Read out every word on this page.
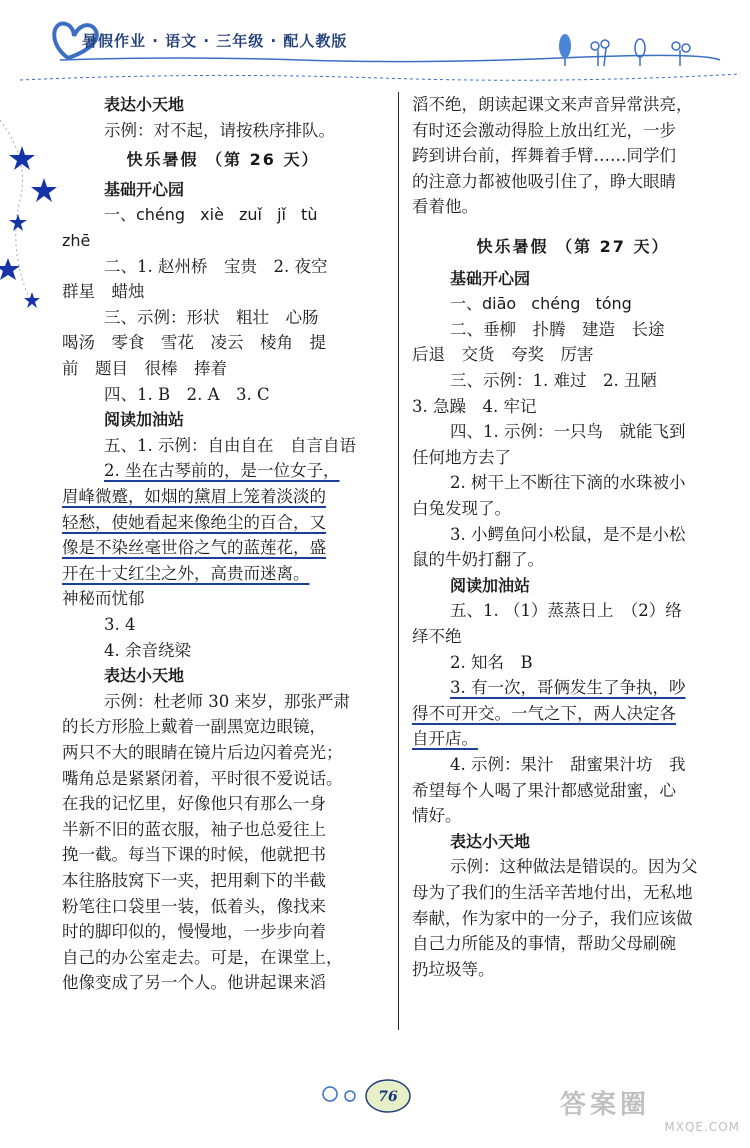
暑假作业 · 语文 · 三年级 · 配人教版
表达小天地
示例：对不起，请按秩序排队。
快乐暑假 （第 26 天）
基础开心园
一、chéng xiè zuǐ jǐ tù
zhē
二、1. 赵州桥　宝贵　2. 夜空
群星　蜡烛
三、示例：形状　粗壮　心肠
喝汤　零食　雪花　凌云　棱角　提
前　题目　很棒　捧着
四、1. B　2. A　3. C
阅读加油站
五、1. 示例：自由自在　自言自语
2. 坐在古琴前的，是一位女子，
眉峰微蹙，如烟的黛眉上笼着淡淡的
轻愁，使她看起来像绝尘的百合，又
像是不染丝毫世俗之气的蓝莲花，盛
开在十丈红尘之外，高贵而迷离。
神秘而忧郁
3. 4
4. 余音绕梁
表达小天地
示例：杜老师 30 来岁，那张严肃
的长方形脸上戴着一副黑宽边眼镜，
两只不大的眼睛在镜片后边闪着亮光；
嘴角总是紧紧闭着，平时很不爱说话。
在我的记忆里，好像他只有那么一身
半新不旧的蓝衣服，袖子也总爱往上
挽一截。每当下课的时候，他就把书
本往胳肢窝下一夹，把用剩下的半截
粉笔往口袋里一装，低着头，像找来
时的脚印似的，慢慢地，一步步向着
自己的办公室走去。可是，在课堂上，
他像变成了另一个人。他讲起课来滔
滔不绝，朗读起课文来声音异常洪亮，
有时还会激动得脸上放出红光，一步
跨到讲台前，挥舞着手臂……同学们
的注意力都被他吸引住了，睁大眼睛
看着他。
快乐暑假 （第 27 天）
基础开心园
一、diāo chéng tóng
二、垂柳　扑腾　建造　长途
后退　交货　夸奖　厉害
三、示例：1. 难过　2. 丑陋
3. 急躁　4. 牢记
四、1. 示例：一只鸟　就能飞到
任何地方去了
2. 树干上不断往下滴的水珠被小
白兔发现了。
3. 小鳄鱼问小松鼠，是不是小松
鼠的牛奶打翻了。
阅读加油站
五、1. （1）蒸蒸日上　（2）络
绎不绝
2. 知名　B
3. 有一次，哥俩发生了争执，吵
得不可开交。一气之下，两人决定各
自开店。
4. 示例：果汁　甜蜜果汁坊　我
希望每个人喝了果汁都感觉甜蜜，心
情好。
表达小天地
示例：这种做法是错误的。因为父
母为了我们的生活辛苦地付出，无私地
奉献，作为家中的一分子，我们应该做
自己力所能及的事情，帮助父母刷碗
扔垃圾等。
76	答案圈
MXQE.COM
